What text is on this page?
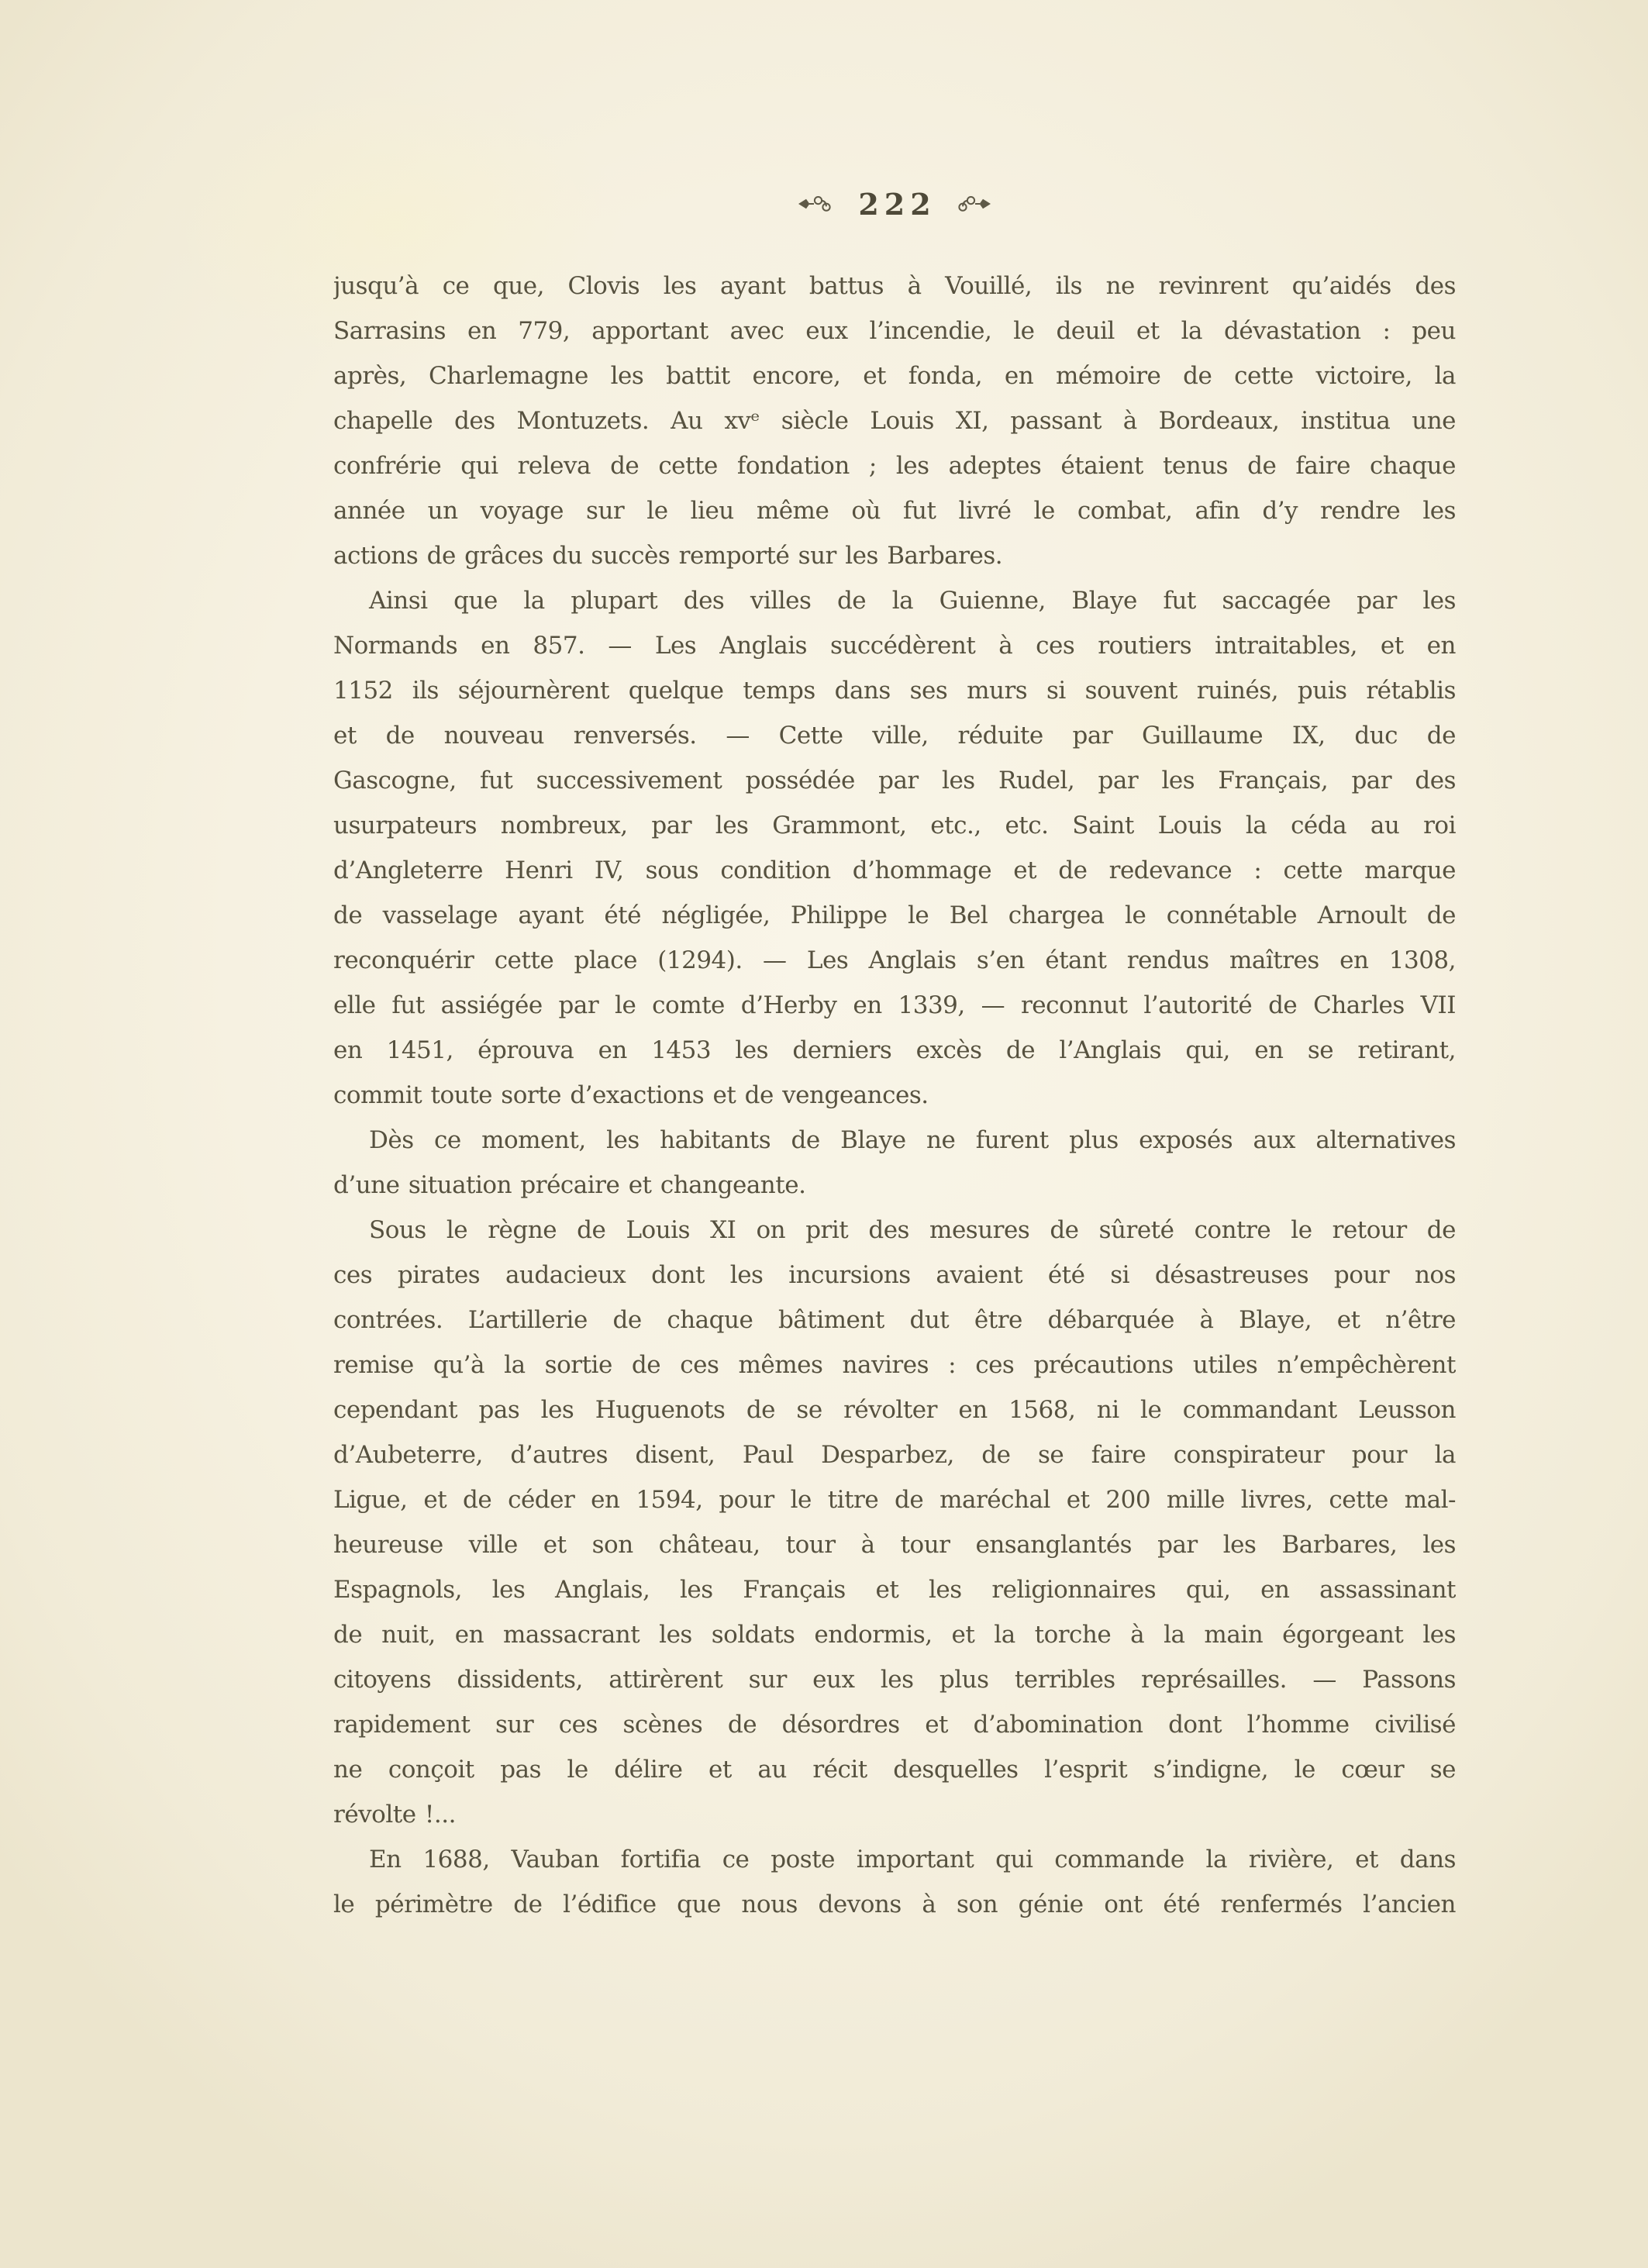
222

jusqu’à ce que, Clovis les ayant battus à Vouillé, ils ne revinrent qu’aidés des
Sarrasins en 779, apportant avec eux l’incendie, le deuil et la dévastation : peu
après, Charlemagne les battit encore, et fonda, en mémoire de cette victoire, la
chapelle des Montuzets. Au xvᵉ siècle Louis XI, passant à Bordeaux, institua une
confrérie qui releva de cette fondation ; les adeptes étaient tenus de faire chaque
année un voyage sur le lieu même où fut livré le combat, afin d’y rendre les
actions de grâces du succès remporté sur les Barbares.

Ainsi que la plupart des villes de la Guienne, Blaye fut saccagée par les
Normands en 857. — Les Anglais succédèrent à ces routiers intraitables, et en
1152 ils séjournèrent quelque temps dans ses murs si souvent ruinés, puis rétablis
et de nouveau renversés. — Cette ville, réduite par Guillaume IX, duc de
Gascogne, fut successivement possédée par les Rudel, par les Français, par des
usurpateurs nombreux, par les Grammont, etc., etc. Saint Louis la céda au roi
d’Angleterre Henri IV, sous condition d’hommage et de redevance : cette marque
de vasselage ayant été négligée, Philippe le Bel chargea le connétable Arnoult de
reconquérir cette place (1294). — Les Anglais s’en étant rendus maîtres en 1308,
elle fut assiégée par le comte d’Herby en 1339, — reconnut l’autorité de Charles VII
en 1451, éprouva en 1453 les derniers excès de l’Anglais qui, en se retirant,
commit toute sorte d’exactions et de vengeances.

Dès ce moment, les habitants de Blaye ne furent plus exposés aux alternatives
d’une situation précaire et changeante.

Sous le règne de Louis XI on prit des mesures de sûreté contre le retour de
ces pirates audacieux dont les incursions avaient été si désastreuses pour nos
contrées. L’artillerie de chaque bâtiment dut être débarquée à Blaye, et n’être
remise qu’à la sortie de ces mêmes navires : ces précautions utiles n’empêchèrent
cependant pas les Huguenots de se révolter en 1568, ni le commandant Leusson
d’Aubeterre, d’autres disent, Paul Desparbez, de se faire conspirateur pour la
Ligue, et de céder en 1594, pour le titre de maréchal et 200 mille livres, cette mal-
heureuse ville et son château, tour à tour ensanglantés par les Barbares, les
Espagnols, les Anglais, les Français et les religionnaires qui, en assassinant
de nuit, en massacrant les soldats endormis, et la torche à la main égorgeant les
citoyens dissidents, attirèrent sur eux les plus terribles représailles. — Passons
rapidement sur ces scènes de désordres et d’abomination dont l’homme civilisé
ne conçoit pas le délire et au récit desquelles l’esprit s’indigne, le cœur se
révolte !...

En 1688, Vauban fortifia ce poste important qui commande la rivière, et dans
le périmètre de l’édifice que nous devons à son génie ont été renfermés l’ancien
